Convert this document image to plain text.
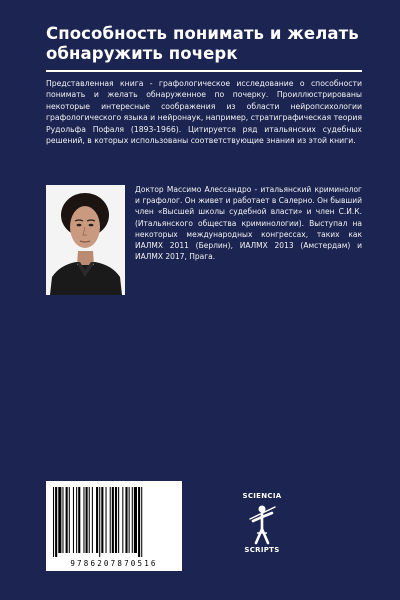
Способность понимать и желать обнаружить почерк

Представленная книга - графологическое исследование о способности понимать и желать обнаруженное по почерку. Проиллюстрированы некоторые интересные соображения из области нейропсихологии графологического языка и нейронаук, например, стратиграфическая теория Рудольфа Пофаля (1893-1966). Цитируется ряд итальянских судебных решений, в которых использованы соответствующие знания из этой книги.

Доктор Массимо Алессандро - итальянский криминолог и графолог. Он живет и работает в Салерно. Он бывший член «Высшей школы судебной власти» и член С.И.К. (Итальянского общества криминологии). Выступал на некоторых международных конгрессах, таких как ИАЛМХ 2011 (Берлин), ИАЛМХ 2013 (Амстердам) и ИАЛМХ 2017, Прага.

9786207870516
SCIENCIA
SCRIPTS
